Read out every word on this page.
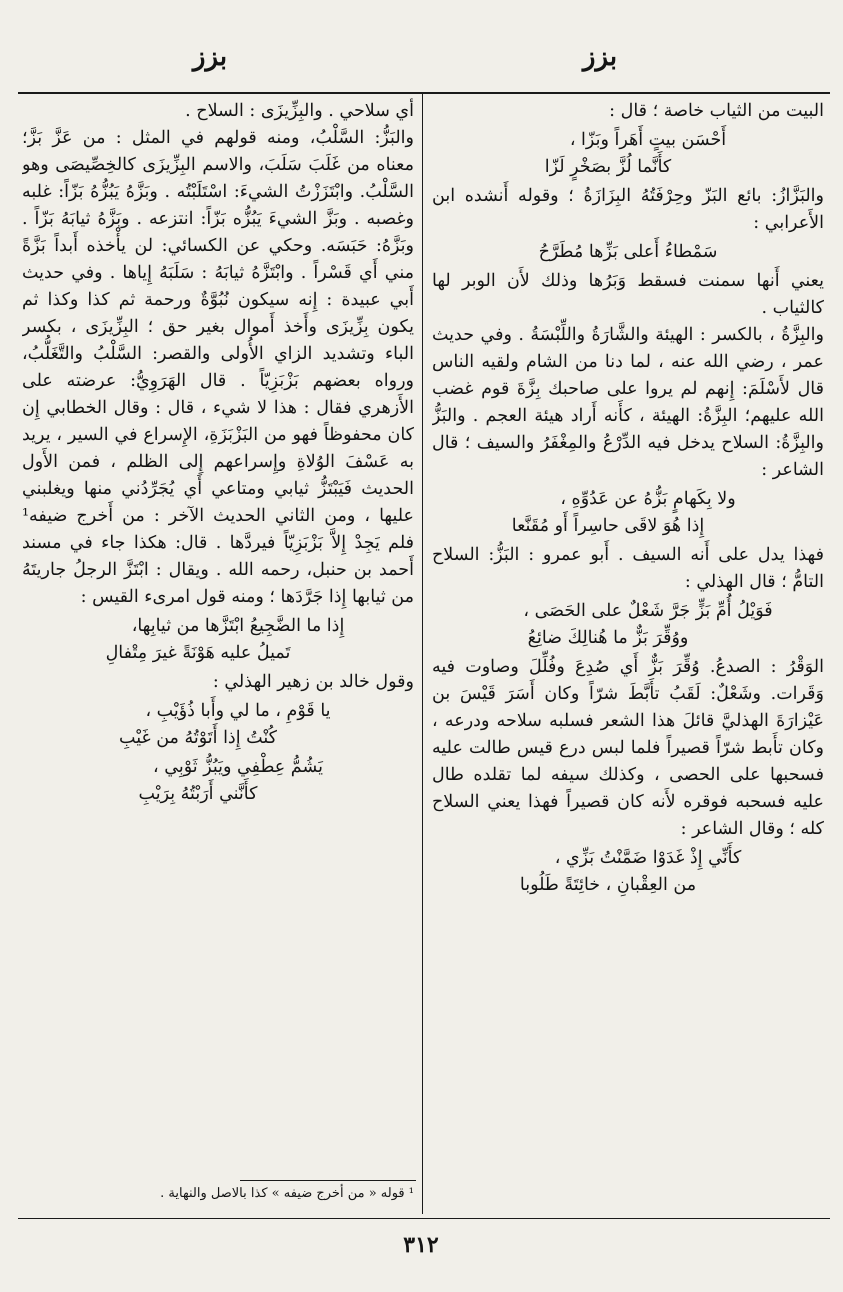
بزز
بزز

البيت من الثياب خاصة ؛ قال :

أَحْسَن بيتٍ أَهَراً وبَزّا ،
كأَنَّما لُزَّ بصَخْرٍ لَزّا

والبَزَّازُ: بائع البَزّ وحِرْفَتُهُ البِزَازَةُ ؛ وقوله أَنشده ابن الأَعرابي :

سَمْطاءُ أَعلى بَزِّها مُطَرَّحُ

يعني أَنها سمنت فسقط وَبَرُها وذلك لأَن الوبر لها كالثياب .

والبِزَّةُ ، بالكسر : الهيئة والشَّارَةُ واللِّبْسَةُ . وفي حديث عمر ، رضي الله عنه ، لما دنا من الشام ولقيه الناس قال لأَسْلَمَ: إِنهم لم يروا على صاحبك بِزَّةَ قوم غضب الله عليهم؛ البِزَّةُ: الهيئة ، كأَنه أَراد هيئة العجم . والبَزُّ والبِزَّةُ: السلاح يدخل فيه الدِّرْعُ والمِغْفَرُ والسيف ؛ قال الشاعر :

ولا بِكَهامٍ بَزُّهُ عن عَدُوِّهِ ،
إِذا هُوَ لاقَى حاسِراً أَو مُقَنَّعا

فهذا يدل على أَنه السيف . أَبو عمرو : البَزُّ: السلاح التامُّ ؛ قال الهذلي :

فَوَيْلُ أُمِّ بَزٍّ جَرَّ شَعْلٌ على الحَصَى ،
ووُقِّرَ بَزٌّ ما هُنالِكَ ضائِعُ

الوَقْرُ : الصدعُ. وُقِّرَ بَزٌّ أَي صُدِعَ وفُلِّلَ وصاوت فيه وَقَرات. وشَعْلٌ: لَقَبُ تأَبَّطَ شرّاً وكان أَسَرَ قَيْسَ بن عَيْزارَةَ الهذليَّ قائلَ هذا الشعر فسلبه سلاحه ودرعه ، وكان تأَبط شرّاً قصيراً فلما لبس درع قيس طالت عليه فسحبها على الحصى ، وكذلك سيفه لما تقلده طال عليه فسحبه فوقره لأَنه كان قصيراً فهذا يعني السلاح كله ؛ وقال الشاعر :

كأَنِّي إِذْ غَدَوْا ضَمَّنْتُ بَزِّي ،
من العِقْبانِ ، خائِتَةً طَلُوبا

أَي سلاحي . والبِزِّيزَى : السلاح .

والبَزُّ: السَّلْبُ، ومنه قولهم في المثل : من عَزَّ بَزَّ؛ معناه من غَلَبَ سَلَبَ، والاسم البِزِّيزَى كالخِصِّيصَى وهو السَّلْبُ. وابْتَزَزْتُ الشيءَ: اسْتَلَبْتُه . وبَزَّهُ يَبُزُّهُ بَزّاً: غلبه وغصبه . وبَزَّ الشيءَ يَبُزُّه بَزّاً: انتزعه . وبَزَّهُ ثيابَهُ بَزّاً . وبَزَّهُ: حَبَسَه. وحكي عن الكسائي: لن يأْخذه أَبداً بَزَّةً مني أَي قَسْراً . وابْتَزَّهُ ثيابَهُ : سَلَبَهُ إِياها . وفي حديث أَبي عبيدة : إِنه سيكون نُبُوَّةٌ ورحمة ثم كذا وكذا ثم يكون بِزِّيزَى وأَخذ أَموال بغير حق ؛ البِزِّيزَى ، بكسر الباء وتشديد الزاي الأُولى والقصر: السَّلْبُ والتَّغَلُّبُ، ورواه بعضهم بَزْبَزِيّاً . قال الهَرَوِيُّ: عرضته على الأَزهري فقال : هذا لا شيء ، قال : وقال الخطابي إِن كان محفوظاً فهو من البَزْبَزَةِ، الإِسراع في السير ، يريد به عَسْفَ الوُلاةِ وإِسراعهم إِلى الظلم ، فمن الأَول الحديث فَيَبْتَزُّ ثيابي ومتاعي أَي يُجَرِّدُني منها ويغلبني عليها ، ومن الثاني الحديث الآخر : من أَخرج ضيفه¹ فلم يَجِدْ إِلاَّ بَزْبَزِيّاً فيردَّها . قال: هكذا جاء في مسند أَحمد بن حنبل، رحمه الله . ويقال : ابْتَزَّ الرجلُ جاريتَهُ من ثيابها إِذا جَرَّدَها ؛ ومنه قول امرىء القيس :

إِذا ما الضَّجِيعُ ابْتَزَّها من ثيابِها،
تَميلُ عليه هَوْنَةً غيرَ مِتْفالِ

وقول خالد بن زهير الهذلي :

يا قَوْمِ ، ما لي وأَبا ذُؤَيْبِ ،
كُنْتُ إِذا أَتَوْتُهُ من غَيْبِ
يَشُمُّ عِطْفِي ويَبُزُّ ثَوْبِي ،
كأَنَّني أَرَبْتُهُ بِرَيْبِ
¹ قوله « من أخرج ضيفه » كذا بالاصل والنهاية .
٣١٢
